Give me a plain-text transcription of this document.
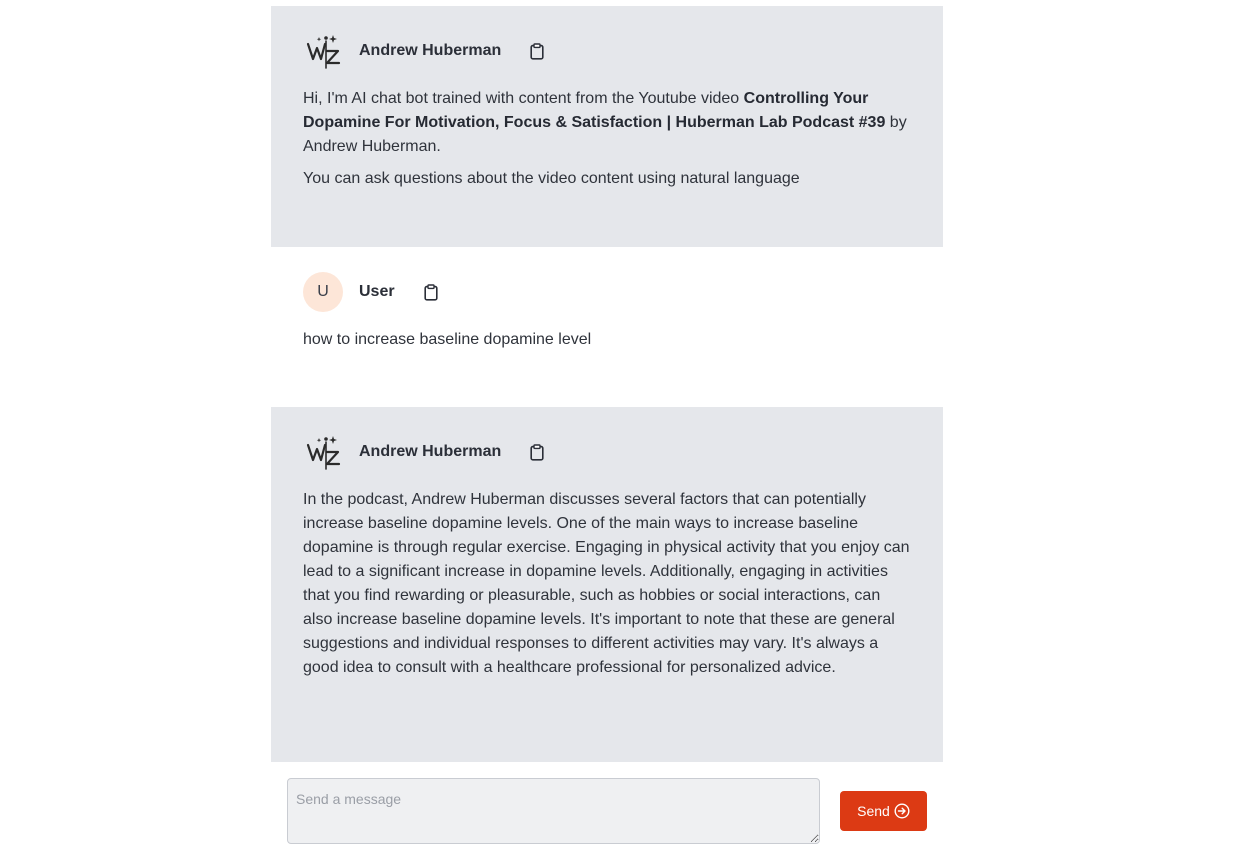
Andrew Huberman

Hi, I'm AI chat bot trained with content from the Youtube video Controlling Your Dopamine For Motivation, Focus & Satisfaction | Huberman Lab Podcast #39 by Andrew Huberman.

You can ask questions about the video content using natural language

U	User

how to increase baseline dopamine level

Andrew Huberman

In the podcast, Andrew Huberman discusses several factors that can potentially increase baseline dopamine levels. One of the main ways to increase baseline dopamine is through regular exercise. Engaging in physical activity that you enjoy can lead to a significant increase in dopamine levels. Additionally, engaging in activities that you find rewarding or pleasurable, such as hobbies or social interactions, can also increase baseline dopamine levels. It's important to note that these are general suggestions and individual responses to different activities may vary. It's always a good idea to consult with a healthcare professional for personalized advice.

Send a message
Send
